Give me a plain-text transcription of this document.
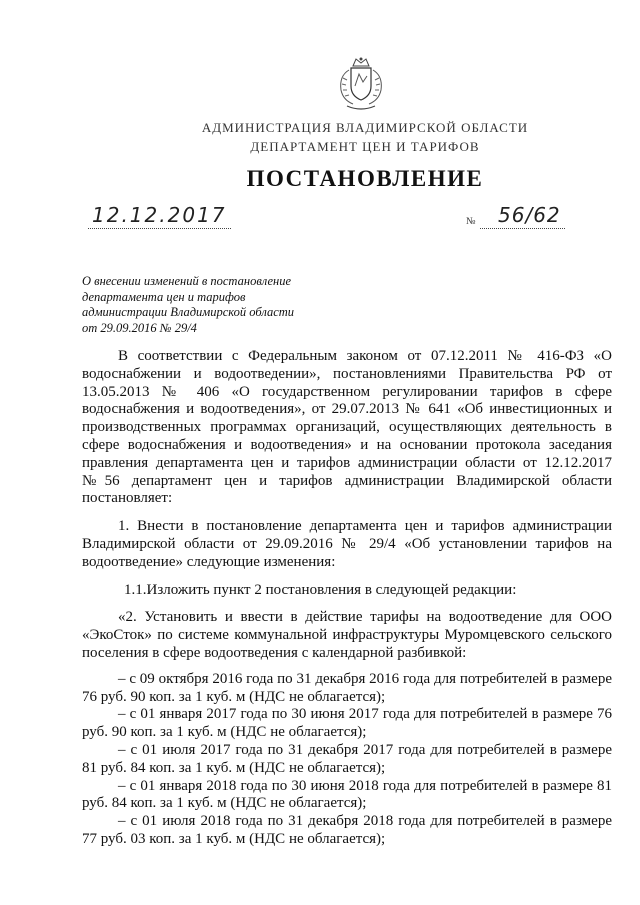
АДМИНИСТРАЦИЯ ВЛАДИМИРСКОЙ ОБЛАСТИ
ДЕПАРТАМЕНТ ЦЕН И ТАРИФОВ
ПОСТАНОВЛЕНИЕ
12.12.2017	№	56/62
О внесении изменений в постановление
департамента цен и тарифов
администрации Владимирской области
от 29.09.2016 № 29/4
В соответствии с Федеральным законом от 07.12.2011 № 416-ФЗ «О водоснабжении и водоотведении», постановлениями Правительства РФ от 13.05.2013 № 406 «О государственном регулировании тарифов в сфере водоснабжения и водоотведения», от 29.07.2013 № 641 «Об инвестиционных и производственных программах организаций, осуществляющих деятельность в сфере водоснабжения и водоотведения» и на основании протокола заседания правления департамента цен и тарифов администрации области от 12.12.2017 №56 департамент цен и тарифов администрации Владимирской области постановляет:
1. Внести в постановление департамента цен и тарифов администрации Владимирской области от 29.09.2016 № 29/4 «Об установлении тарифов на водоотведение» следующие изменения:
1.1.Изложить пункт 2 постановления в следующей редакции:
«2. Установить и ввести в действие тарифы на водоотведение для ООО «ЭкоСток» по системе коммунальной инфраструктуры Муромцевского сельского поселения в сфере водоотведения с календарной разбивкой:
– с 09 октября 2016 года по 31 декабря 2016 года для потребителей в размере 76 руб. 90 коп. за 1 куб. м (НДС не облагается);
– с 01 января 2017 года по 30 июня 2017 года для потребителей в размере 76 руб. 90 коп. за 1 куб. м (НДС не облагается);
– с 01 июля 2017 года по 31 декабря 2017 года для потребителей в размере 81 руб. 84 коп. за 1 куб. м (НДС не облагается);
– с 01 января 2018 года по 30 июня 2018 года для потребителей в размере 81 руб. 84 коп. за 1 куб. м (НДС не облагается);
– с 01 июля 2018 года по 31 декабря 2018 года для потребителей в размере 77 руб. 03 коп. за 1 куб. м (НДС не облагается);
